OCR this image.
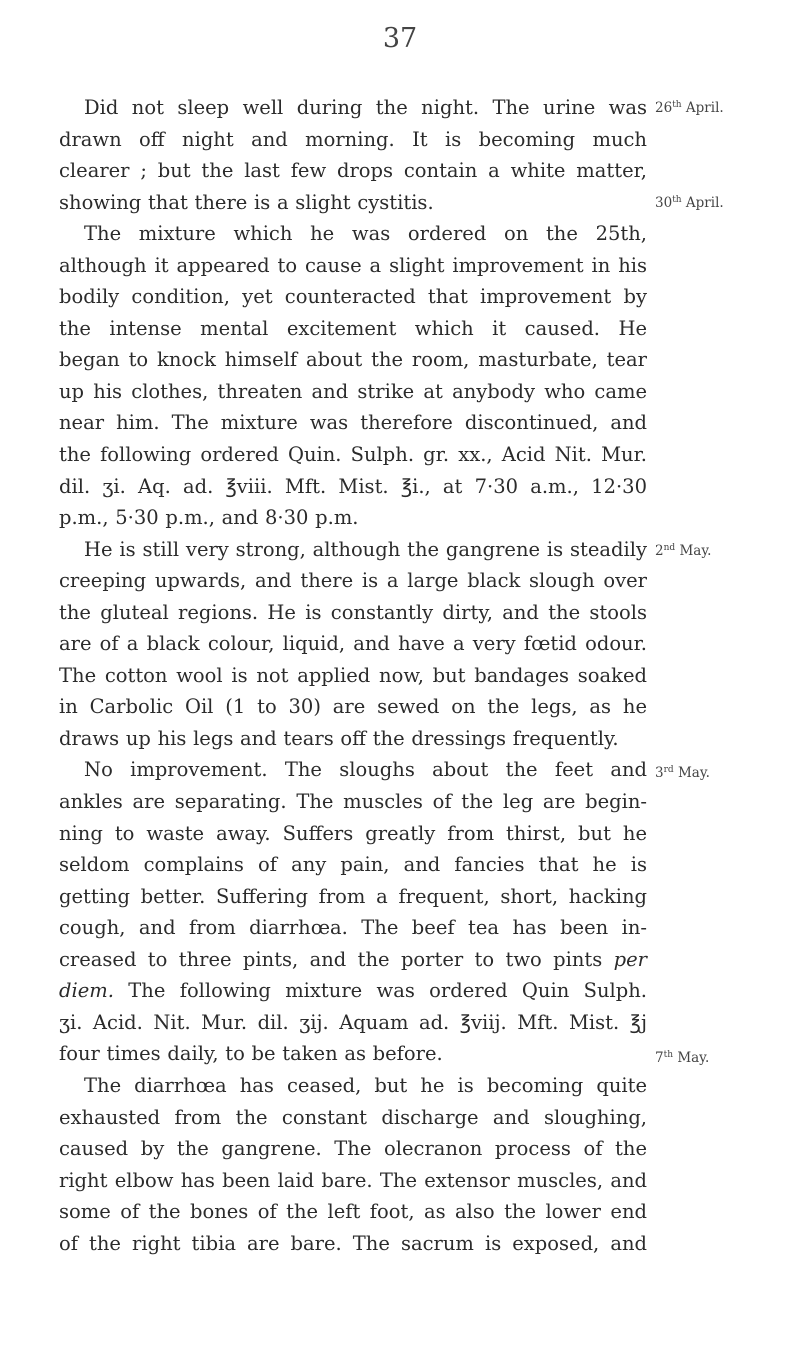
37
26th April.
30th April.
2nd May.
3rd May.
7th May.
Did not sleep well during the night. The urine was
drawn off night and morning. It is becoming much
clearer ; but the last few drops contain a white matter,
showing that there is a slight cystitis.
The mixture which he was ordered on the 25th,
although it appeared to cause a slight improvement in his
bodily condition, yet counteracted that improvement by
the intense mental excitement which it caused. He
began to knock himself about the room, masturbate, tear
up his clothes, threaten and strike at anybody who came
near him. The mixture was therefore discontinued, and
the following ordered Quin. Sulph. gr. xx., Acid Nit. Mur.
dil. ʒi. Aq. ad. ℥viii. Mft. Mist. ℥i., at 7·30 a.m., 12·30
p.m., 5·30 p.m., and 8·30 p.m.
He is still very strong, although the gangrene is steadily
creeping upwards, and there is a large black slough over
the gluteal regions. He is constantly dirty, and the stools
are of a black colour, liquid, and have a very fœtid odour.
The cotton wool is not applied now, but bandages soaked
in Carbolic Oil (1 to 30) are sewed on the legs, as he
draws up his legs and tears off the dressings frequently.
No improvement. The sloughs about the feet and
ankles are separating. The muscles of the leg are begin-
ning to waste away. Suffers greatly from thirst, but he
seldom complains of any pain, and fancies that he is
getting better. Suffering from a frequent, short, hacking
cough, and from diarrhœa. The beef tea has been in-
creased to three pints, and the porter to two pints per
diem. The following mixture was ordered Quin Sulph.
ʒi. Acid. Nit. Mur. dil. ʒij. Aquam ad. ℥viij. Mft. Mist. ℥j
four times daily, to be taken as before.
The diarrhœa has ceased, but he is becoming quite
exhausted from the constant discharge and sloughing,
caused by the gangrene. The olecranon process of the
right elbow has been laid bare. The extensor muscles, and
some of the bones of the left foot, as also the lower end
of the right tibia are bare. The sacrum is exposed, and
